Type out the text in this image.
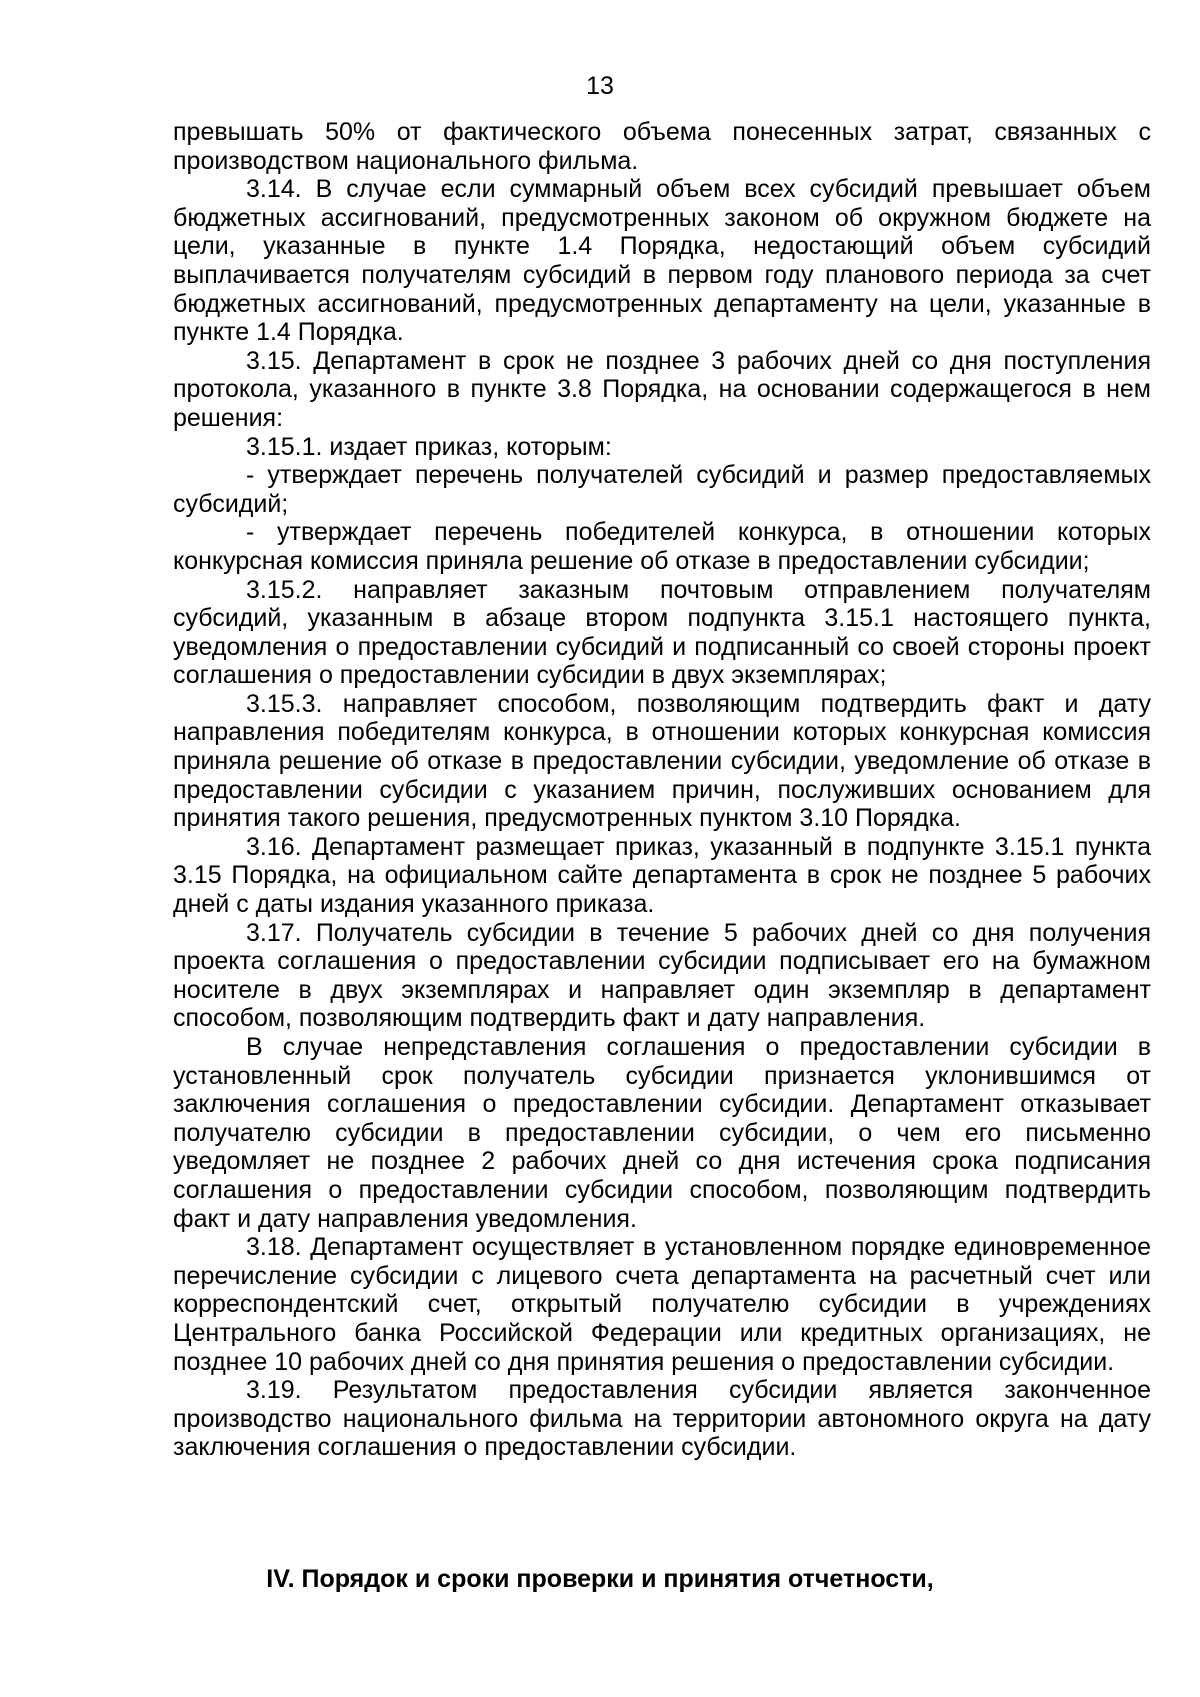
13

превышать 50% от фактического объема понесенных затрат, связанных с производством национального фильма.

3.14. В случае если суммарный объем всех субсидий превышает объем бюджетных ассигнований, предусмотренных законом об окружном бюджете на цели, указанные в пункте 1.4 Порядка, недостающий объем субсидий выплачивается получателям субсидий в первом году планового периода за счет бюджетных ассигнований, предусмотренных департаменту на цели, указанные в пункте 1.4 Порядка.

3.15. Департамент в срок не позднее 3 рабочих дней со дня поступления протокола, указанного в пункте 3.8 Порядка, на основании содержащегося в нем решения:

3.15.1. издает приказ, которым:

- утверждает перечень получателей субсидий и размер предоставляемых субсидий;

- утверждает перечень победителей конкурса, в отношении которых конкурсная комиссия приняла решение об отказе в предоставлении субсидии;

3.15.2. направляет заказным почтовым отправлением получателям субсидий, указанным в абзаце втором подпункта 3.15.1 настоящего пункта, уведомления о предоставлении субсидий и подписанный со своей стороны проект соглашения о предоставлении субсидии в двух экземплярах;

3.15.3. направляет способом, позволяющим подтвердить факт и дату направления победителям конкурса, в отношении которых конкурсная комиссия приняла решение об отказе в предоставлении субсидии, уведомление об отказе в предоставлении субсидии с указанием причин, послуживших основанием для принятия такого решения, предусмотренных пунктом 3.10 Порядка.

3.16. Департамент размещает приказ, указанный в подпункте 3.15.1 пункта 3.15 Порядка, на официальном сайте департамента в срок не позднее 5 рабочих дней с даты издания указанного приказа.

3.17. Получатель субсидии в течение 5 рабочих дней со дня получения проекта соглашения о предоставлении субсидии подписывает его на бумажном носителе в двух экземплярах и направляет один экземпляр в департамент способом, позволяющим подтвердить факт и дату направления.

В случае непредставления соглашения о предоставлении субсидии в установленный срок получатель субсидии признается уклонившимся от заключения соглашения о предоставлении субсидии. Департамент отказывает получателю субсидии в предоставлении субсидии, о чем его письменно уведомляет не позднее 2 рабочих дней со дня истечения срока подписания соглашения о предоставлении субсидии способом, позволяющим подтвердить факт и дату направления уведомления.

3.18. Департамент осуществляет в установленном порядке единовременное перечисление субсидии с лицевого счета департамента на расчетный счет или корреспондентский счет, открытый получателю субсидии в учреждениях Центрального банка Российской Федерации или кредитных организациях, не позднее 10 рабочих дней со дня принятия решения о предоставлении субсидии.

3.19. Результатом предоставления субсидии является законченное производство национального фильма на территории автономного округа на дату заключения соглашения о предоставлении субсидии.

IV. Порядок и сроки проверки и принятия отчетности,
